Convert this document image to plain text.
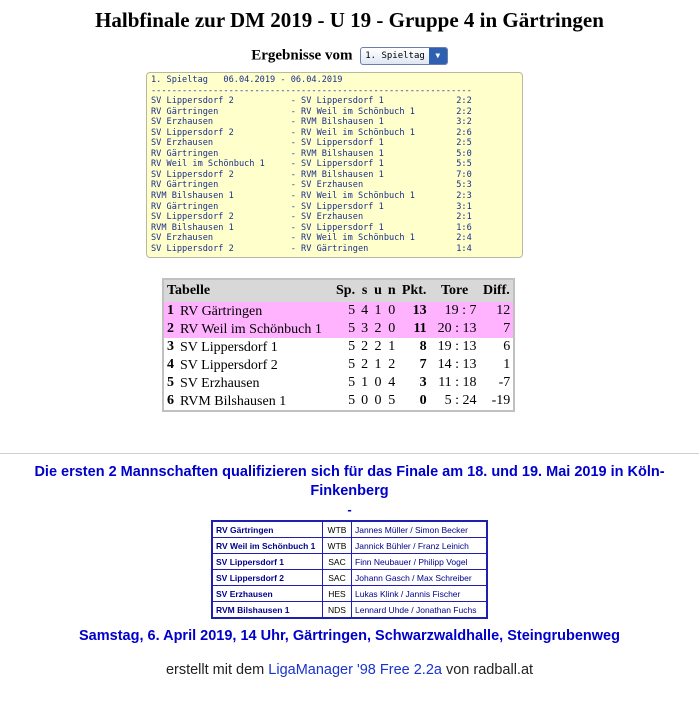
Halbfinale zur DM 2019 - U 19 - Gruppe 4 in Gärtringen
Ergebnisse vom 1. Spieltag	▼
1. Spieltag   06.04.2019 - 06.04.2019
--------------------------------------------------------------
SV Lippersdorf 2           - SV Lippersdorf 1              2:2
RV Gärtringen              - RV Weil im Schönbuch 1        2:2
SV Erzhausen               - RVM Bilshausen 1              3:2
SV Lippersdorf 2           - RV Weil im Schönbuch 1        2:6
SV Erzhausen               - SV Lippersdorf 1              2:5
RV Gärtringen              - RVM Bilshausen 1              5:0
RV Weil im Schönbuch 1     - SV Lippersdorf 1              5:5
SV Lippersdorf 2           - RVM Bilshausen 1              7:0
RV Gärtringen              - SV Erzhausen                  5:3
RVM Bilshausen 1           - RV Weil im Schönbuch 1        2:3
RV Gärtringen              - SV Lippersdorf 1              3:1
SV Lippersdorf 2           - SV Erzhausen                  2:1
RVM Bilshausen 1           - SV Lippersdorf 1              1:6
SV Erzhausen               - RV Weil im Schönbuch 1        2:4
SV Lippersdorf 2           - RV Gärtringen                 1:4
Tabelle		Sp.	s	u	n	Pkt.	Tore	Diff.
1	RV Gärtringen	5	4	1	0	13	19 : 7	12
2	RV Weil im Schönbuch 1	5	3	2	0	11	20 : 13	7
3	SV Lippersdorf 1	5	2	2	1	8	19 : 13	6
4	SV Lippersdorf 2	5	2	1	2	7	14 : 13	1
5	SV Erzhausen	5	1	0	4	3	11 : 18	-7
6	RVM Bilshausen 1	5	0	0	5	0	5 : 24	-19
Die ersten 2 Mannschaften qualifizieren sich für das Finale am 18. und 19. Mai 2019 in Köln-Finkenberg
-
RV Gärtringen	WTB	Jannes Müller / Simon Becker
RV Weil im Schönbuch 1	WTB	Jannick Bühler / Franz Leinich
SV Lippersdorf 1	SAC	Finn Neubauer / Philipp Vogel
SV Lippersdorf 2	SAC	Johann Gasch / Max Schreiber
SV Erzhausen	HES	Lukas Klink / Jannis Fischer
RVM Bilshausen 1	NDS	Lennard Uhde / Jonathan Fuchs
Samstag, 6. April 2019, 14 Uhr, Gärtringen, Schwarzwaldhalle, Steingrubenweg
erstellt mit dem LigaManager '98 Free 2.2a von radball.at
